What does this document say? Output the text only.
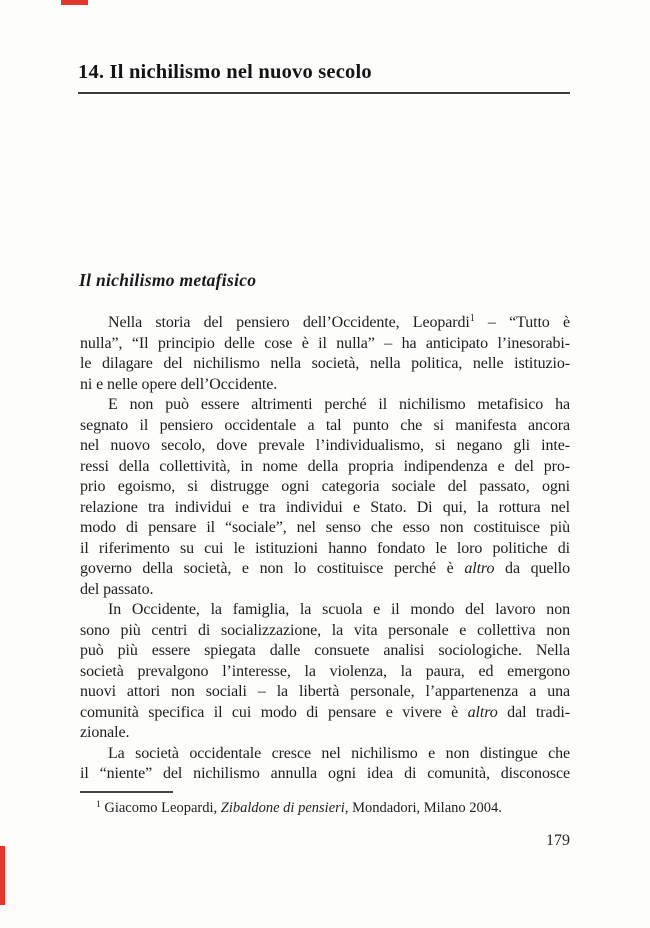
14. Il nichilismo nel nuovo secolo
Il nichilismo metafisico
Nella storia del pensiero dell’Occidente, Leopardi$^1$ – “Tutto è
nulla”, “Il principio delle cose è il nulla” – ha anticipato l’inesorabi-
le dilagare del nichilismo nella società, nella politica, nelle istituzio-
ni e nelle opere dell’Occidente.
E non può essere altrimenti perché il nichilismo metafisico ha
segnato il pensiero occidentale a tal punto che si manifesta ancora
nel nuovo secolo, dove prevale l’individualismo, si negano gli inte-
ressi della collettività, in nome della propria indipendenza e del pro-
prio egoismo, si distrugge ogni categoria sociale del passato, ogni
relazione tra individui e tra individui e Stato. Di qui, la rottura nel
modo di pensare il “sociale”, nel senso che esso non costituisce più
il riferimento su cui le istituzioni hanno fondato le loro politiche di
governo della società, e non lo costituisce perché è altro da quello
del passato.
In Occidente, la famiglia, la scuola e il mondo del lavoro non
sono più centri di socializzazione, la vita personale e collettiva non
può più essere spiegata dalle consuete analisi sociologiche. Nella
società prevalgono l’interesse, la violenza, la paura, ed emergono
nuovi attori non sociali – la libertà personale, l’appartenenza a una
comunità specifica il cui modo di pensare e vivere è altro dal tradi-
zionale.
La società occidentale cresce nel nichilismo e non distingue che
il “niente” del nichilismo annulla ogni idea di comunità, disconosce
$^1$ Giacomo Leopardi, Zibaldone di pensieri, Mondadori, Milano 2004.
179
